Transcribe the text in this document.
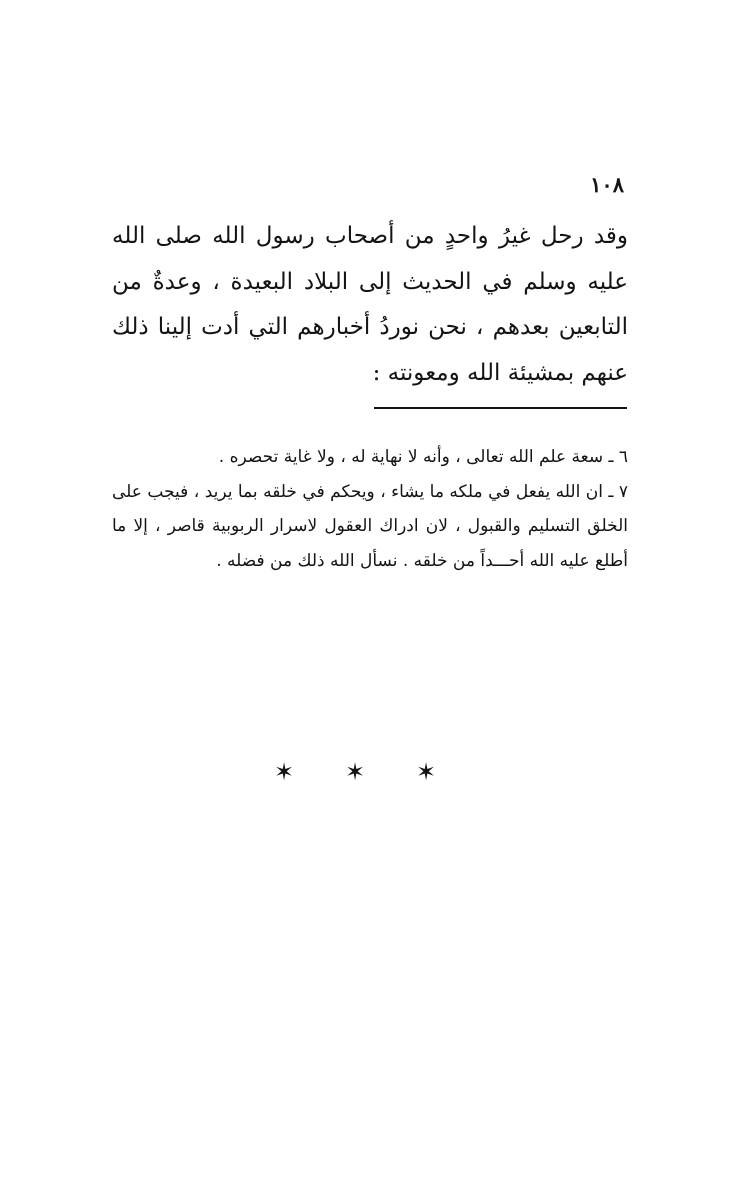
١٠٨

وقد رحل غيرُ واحدٍ من أصحاب رسول الله صلى الله عليه وسلم في الحديث إلى البلاد البعيدة ، وعدةٌ من التابعين بعدهم ، نحن نوردُ أخبارهم التي أدت إلينا ذلك عنهم بمشيئة الله ومعونته :

٦ ـ سعة علم الله تعالى ، وأنه لا نهاية له ، ولا غاية تحصره .

٧ ـ ان الله يفعل في ملكه ما يشاء ، ويحكم في خلقه بما يريد ، فيجب على الخلق التسليم والقبول ، لان ادراك العقول لاسرار الربوبية قاصر ، إلا ما أطلع عليه الله أحـــداً من خلقه . نسأل الله ذلك من فضله .

✶ ✶ ✶
